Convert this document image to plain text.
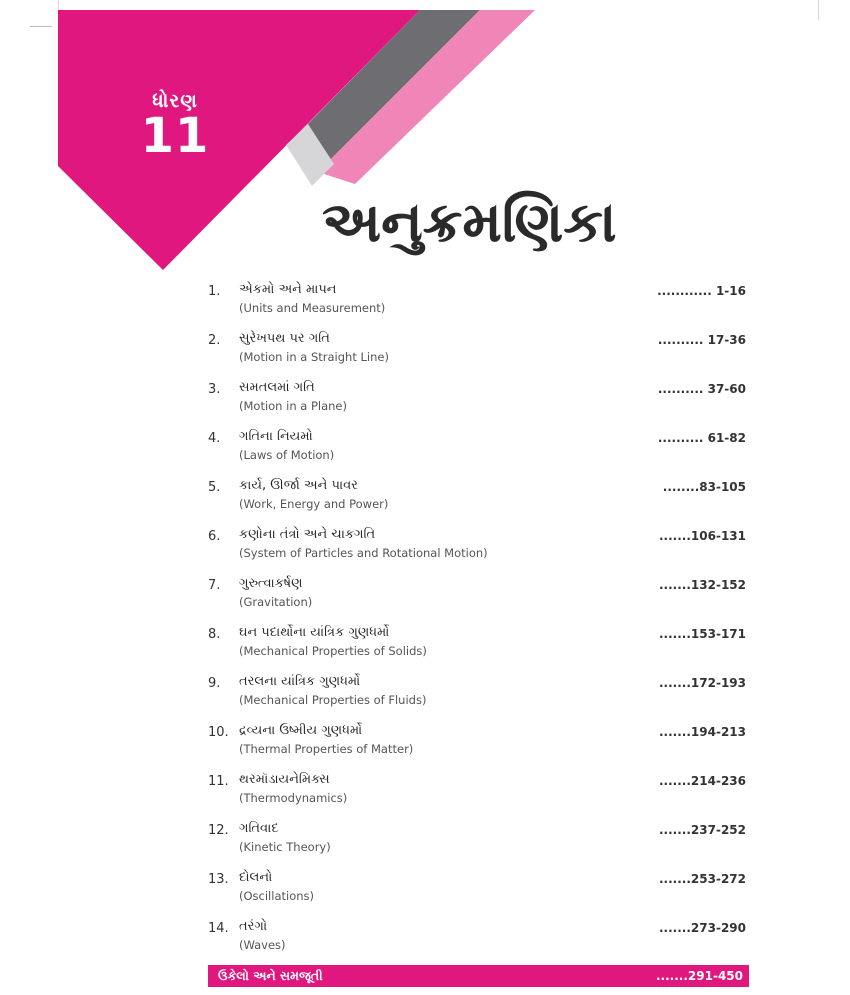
ધોરણ
11
અનુક્રમણિકા
1. એકમો અને માપન
(Units and Measurement)
............ 1-16
2. સુરેખપથ પર ગતિ
(Motion in a Straight Line)
.......... 17-36
3. સમતલમાં ગતિ
(Motion in a Plane)
.......... 37-60
4. ગતિના નિયમો
(Laws of Motion)
.......... 61-82
5. કાર્ય, ઊર્જા અને પાવર
(Work, Energy and Power)
........83-105
6. કણોના તંત્રો અને ચાકગતિ
(System of Particles and Rotational Motion)
.......106-131
7. ગુરુત્વાકર્ષણ
(Gravitation)
.......132-152
8. ઘન પદાર્થોના યાંત્રિક ગુણધર્મો
(Mechanical Properties of Solids)
.......153-171
9. તરલના યાંત્રિક ગુણધર્મો
(Mechanical Properties of Fluids)
.......172-193
10. દ્રવ્યના ઉષ્મીય ગુણધર્મો
(Thermal Properties of Matter)
.......194-213
11. થરમૉડાયનેમિક્સ
(Thermodynamics)
.......214-236
12. ગતિવાદ
(Kinetic Theory)
.......237-252
13. દોલનો
(Oscillations)
.......253-272
14. તરંગો
(Waves)
.......273-290
ઉકેલો અને સમજૂતી	.......291-450
